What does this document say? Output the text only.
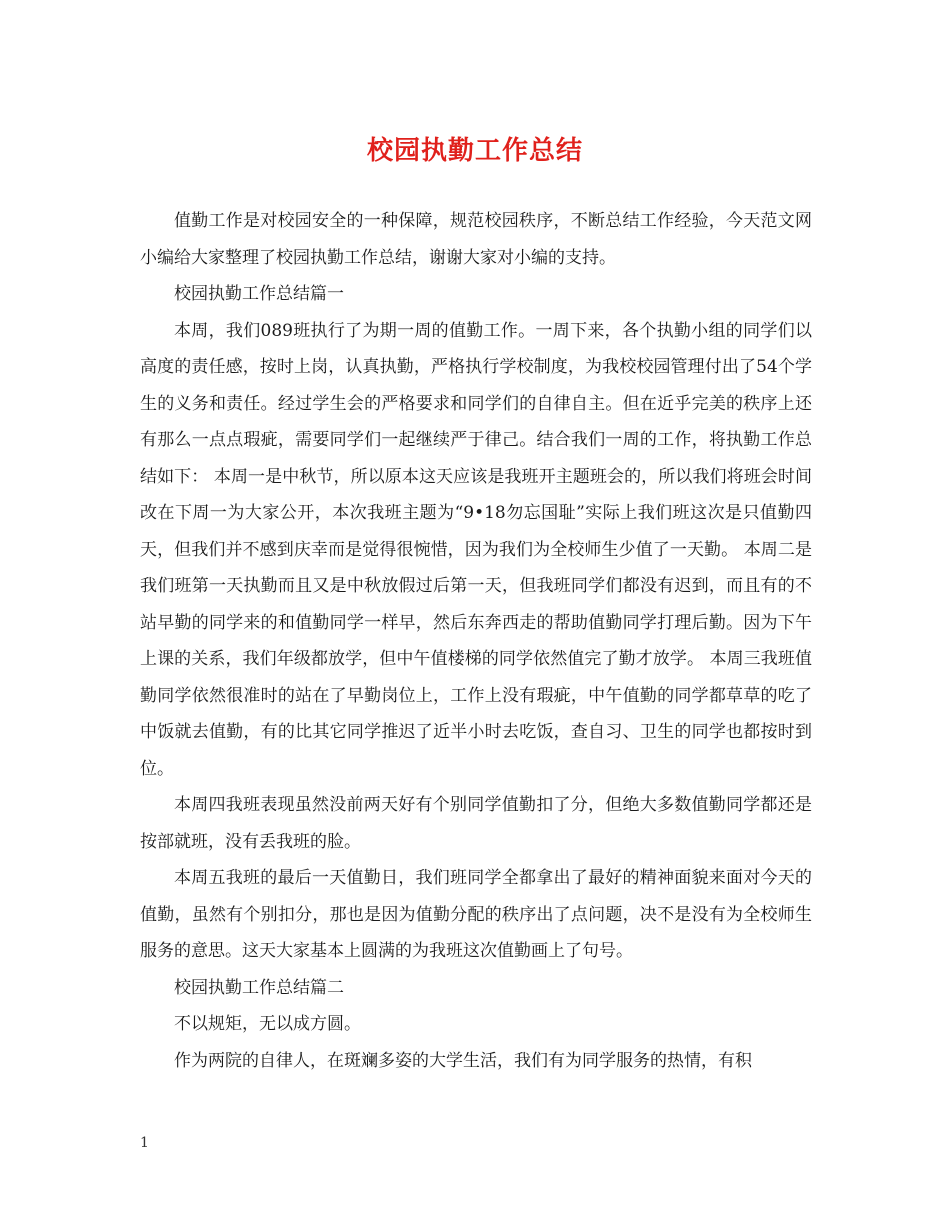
校园执勤工作总结

值勤工作是对校园安全的一种保障，规范校园秩序，不断总结工作经验，今天范文网小编给大家整理了校园执勤工作总结，谢谢大家对小编的支持。

校园执勤工作总结篇一

本周，我们089班执行了为期一周的值勤工作。一周下来，各个执勤小组的同学们以高度的责任感，按时上岗，认真执勤，严格执行学校制度，为我校校园管理付出了54个学生的义务和责任。经过学生会的严格要求和同学们的自律自主。但在近乎完美的秩序上还有那么一点点瑕疵，需要同学们一起继续严于律己。结合我们一周的工作，将执勤工作总结如下： 本周一是中秋节，所以原本这天应该是我班开主题班会的，所以我们将班会时间改在下周一为大家公开，本次我班主题为“9•18勿忘国耻”实际上我们班这次是只值勤四天，但我们并不感到庆幸而是觉得很惋惜，因为我们为全校师生少值了一天勤。 本周二是我们班第一天执勤而且又是中秋放假过后第一天，但我班同学们都没有迟到，而且有的不站早勤的同学来的和值勤同学一样早，然后东奔西走的帮助值勤同学打理后勤。因为下午上课的关系，我们年级都放学，但中午值楼梯的同学依然值完了勤才放学。 本周三我班值勤同学依然很准时的站在了早勤岗位上，工作上没有瑕疵，中午值勤的同学都草草的吃了中饭就去值勤，有的比其它同学推迟了近半小时去吃饭，查自习、卫生的同学也都按时到位。

本周四我班表现虽然没前两天好有个别同学值勤扣了分，但绝大多数值勤同学都还是按部就班，没有丢我班的脸。

本周五我班的最后一天值勤日，我们班同学全都拿出了最好的精神面貌来面对今天的值勤，虽然有个别扣分，那也是因为值勤分配的秩序出了点问题，决不是没有为全校师生服务的意思。这天大家基本上圆满的为我班这次值勤画上了句号。

校园执勤工作总结篇二

不以规矩，无以成方圆。

作为两院的自律人，在斑斓多姿的大学生活，我们有为同学服务的热情，有积

1
